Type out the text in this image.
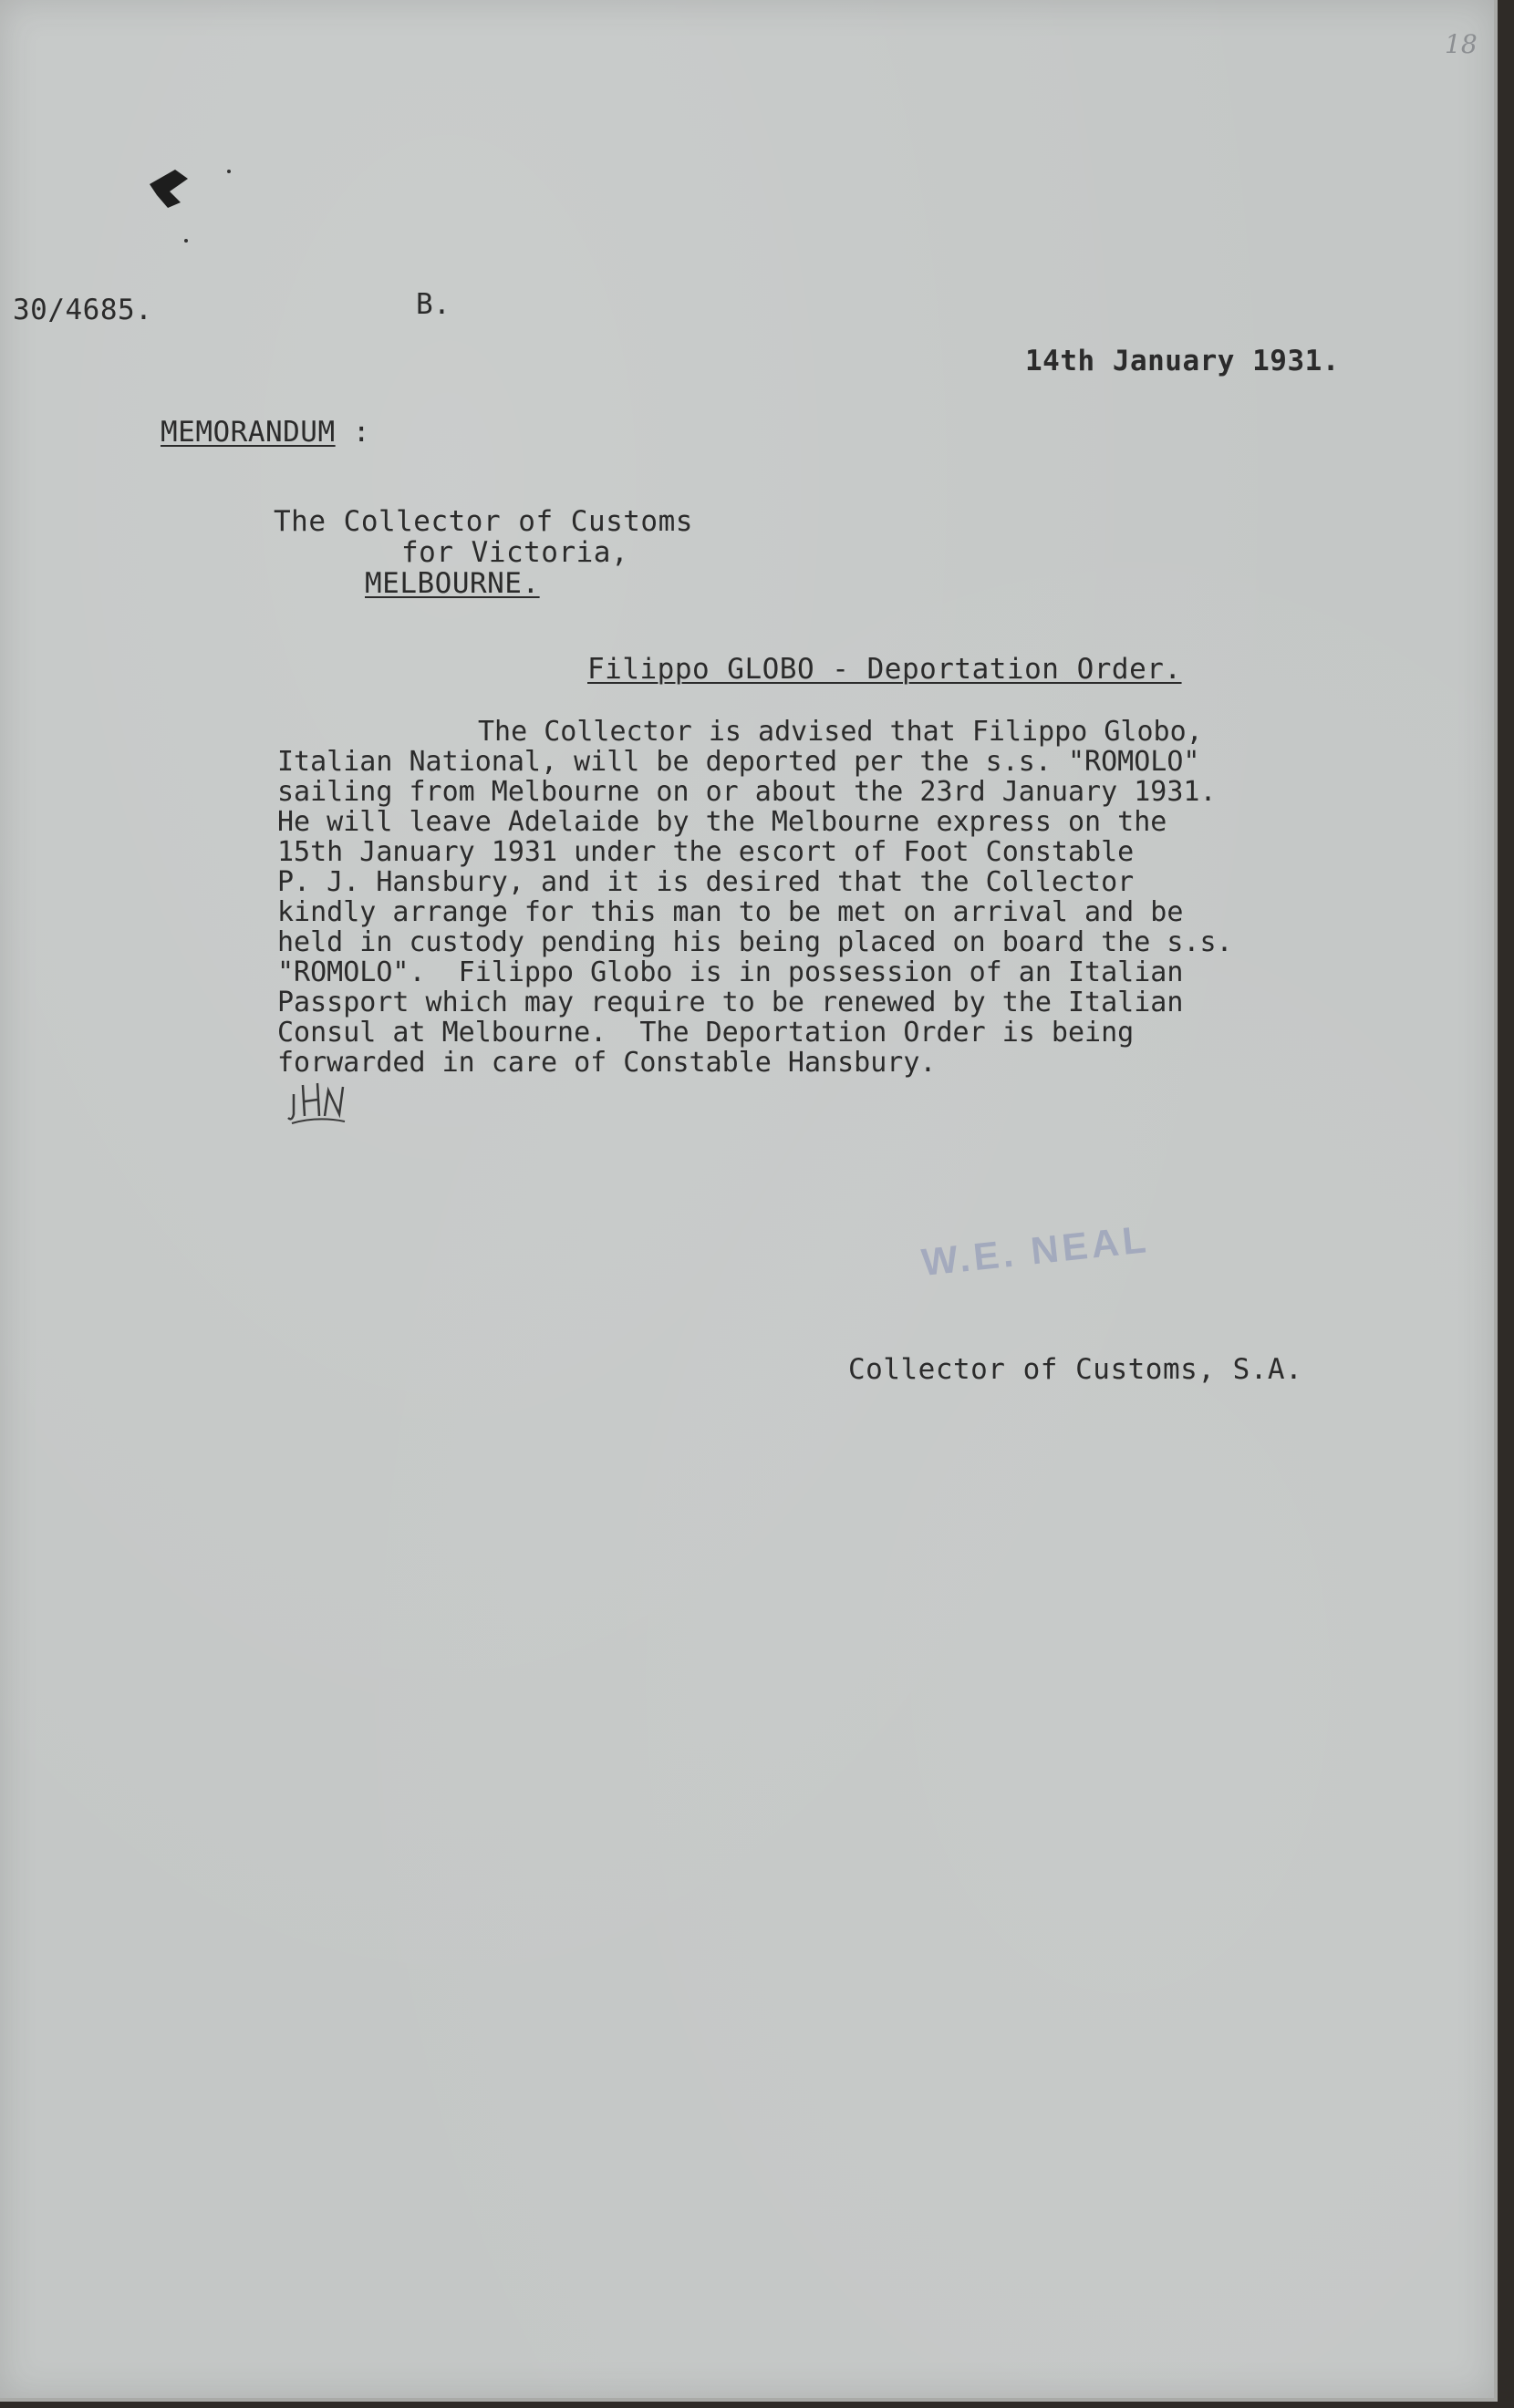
18
30/4685.	B.
14th January 1931.
MEMORANDUM :
The Collector of Customs
for Victoria,
MELBOURNE.
Filippo GLOBO - Deportation Order.
The Collector is advised that Filippo Globo,
Italian National, will be deported per the s.s. "ROMOLO"
sailing from Melbourne on or about the 23rd January 1931.
He will leave Adelaide by the Melbourne express on the
15th January 1931 under the escort of Foot Constable
P. J. Hansbury, and it is desired that the Collector
kindly arrange for this man to be met on arrival and be
held in custody pending his being placed on board the s.s.
"ROMOLO".  Filippo Globo is in possession of an Italian
Passport which may require to be renewed by the Italian
Consul at Melbourne.  The Deportation Order is being
forwarded in care of Constable Hansbury.
W.E. NEAL
Collector of Customs, S.A.
